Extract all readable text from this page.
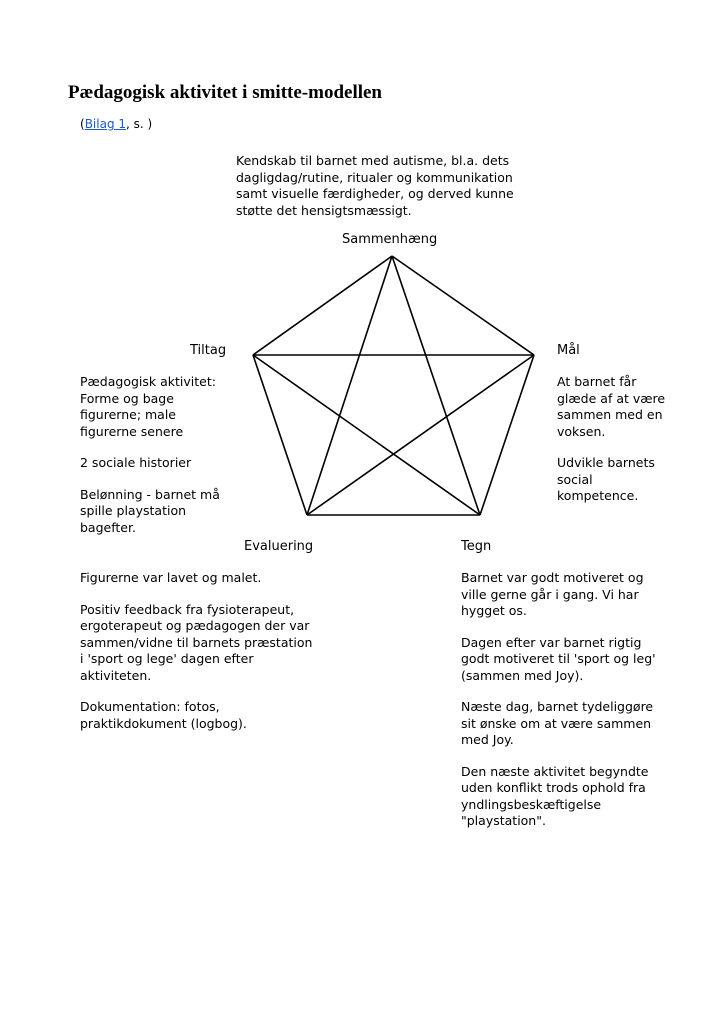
Pædagogisk aktivitet i smitte-modellen
(Bilag 1, s. )
Kendskab til barnet med autisme, bl.a. dets
dagligdag/rutine, ritualer og kommunikation
samt visuelle færdigheder, og derved kunne
støtte det hensigtsmæssigt.
Sammenhæng
Tiltag	Mål
Evaluering	Tegn
Pædagogisk aktivitet:
Forme og bage
figurerne; male
figurerne senere
2 sociale historier
Belønning - barnet må
spille playstation
bagefter.
At barnet får
glæde af at være
sammen med en
voksen.
Udvikle barnets
social
kompetence.
Figurerne var lavet og malet.
Positiv feedback fra fysioterapeut,
ergoterapeut og pædagogen der var
sammen/vidne til barnets præstation
i 'sport og lege' dagen efter
aktiviteten.
Dokumentation: fotos,
praktikdokument (logbog).
Barnet var godt motiveret og
ville gerne går i gang. Vi har
hygget os.
Dagen efter var barnet rigtig
godt motiveret til 'sport og leg'
(sammen med Joy).
Næste dag, barnet tydeliggøre
sit ønske om at være sammen
med Joy.
Den næste aktivitet begyndte
uden konflikt trods ophold fra
yndlingsbeskæftigelse
"playstation".
